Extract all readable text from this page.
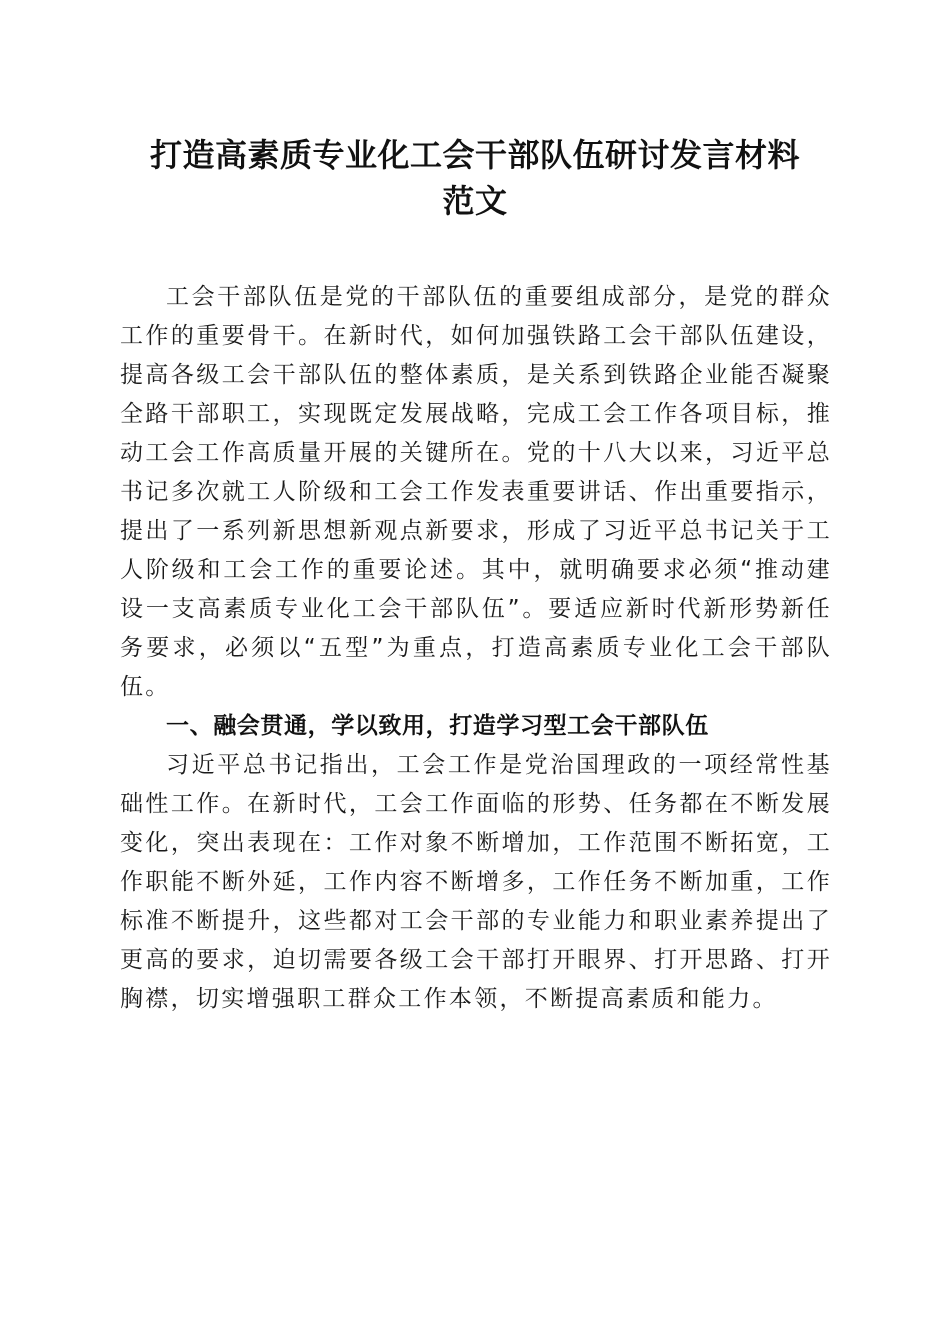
打造高素质专业化工会干部队伍研讨发言材料
范文

工会干部队伍是党的干部队伍的重要组成部分，是党的群众工作的重要骨干。在新时代，如何加强铁路工会干部队伍建设，提高各级工会干部队伍的整体素质，是关系到铁路企业能否凝聚全路干部职工，实现既定发展战略，完成工会工作各项目标，推动工会工作高质量开展的关键所在。党的十八大以来，习近平总书记多次就工人阶级和工会工作发表重要讲话、作出重要指示，提出了一系列新思想新观点新要求，形成了习近平总书记关于工人阶级和工会工作的重要论述。其中，就明确要求必须“推动建设一支高素质专业化工会干部队伍”。要适应新时代新形势新任务要求，必须以“五型”为重点，打造高素质专业化工会干部队伍。

一、融会贯通，学以致用，打造学习型工会干部队伍

习近平总书记指出，工会工作是党治国理政的一项经常性基础性工作。在新时代，工会工作面临的形势、任务都在不断发展变化，突出表现在：工作对象不断增加，工作范围不断拓宽，工作职能不断外延，工作内容不断增多，工作任务不断加重，工作标准不断提升，这些都对工会干部的专业能力和职业素养提出了更高的要求，迫切需要各级工会干部打开眼界、打开思路、打开胸襟，切实增强职工群众工作本领，不断提高素质和能力。
